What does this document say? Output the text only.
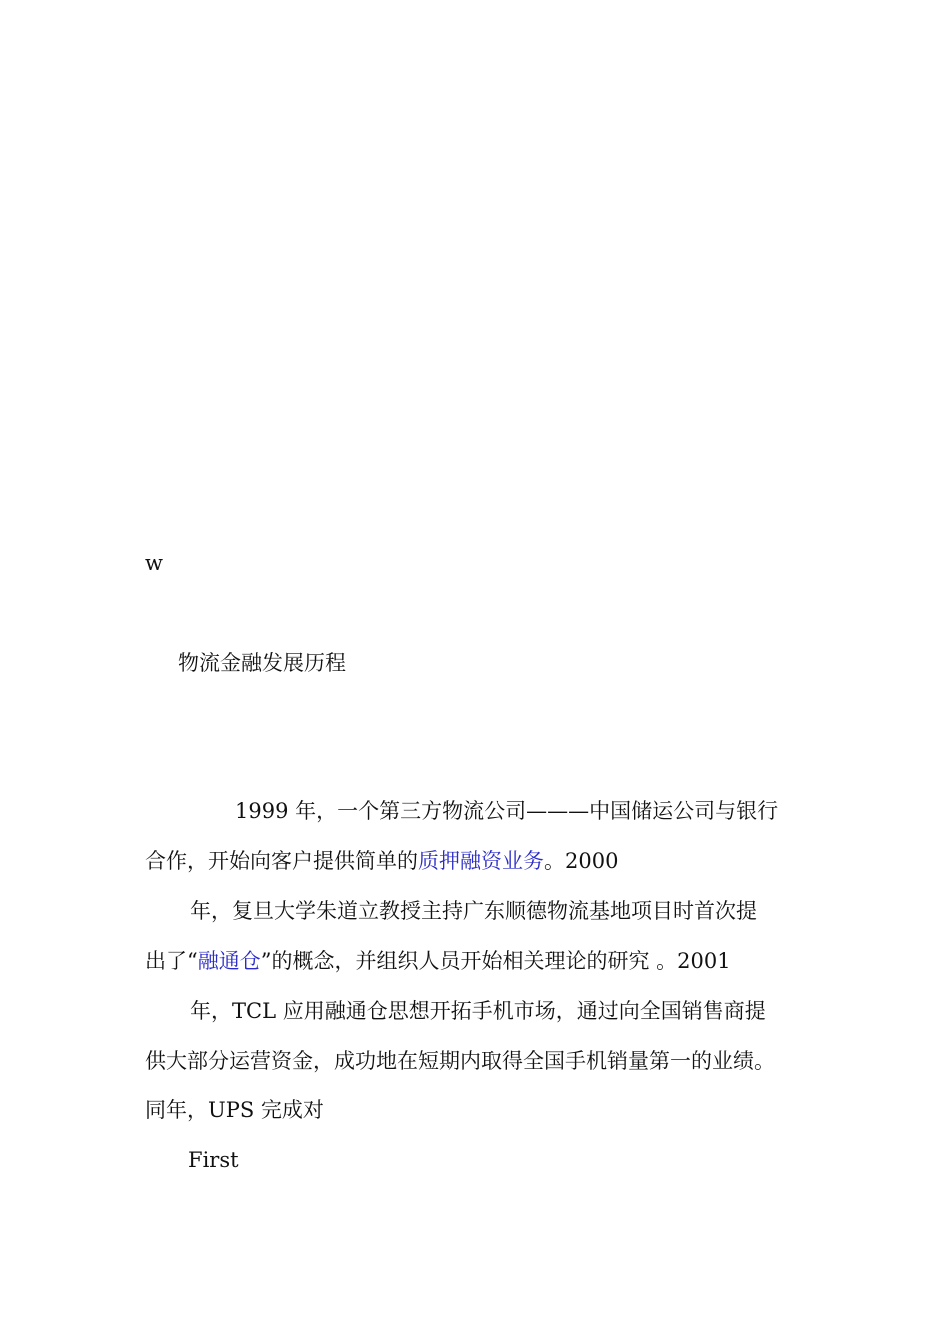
w
物流金融发展历程
1999 年，一个第三方物流公司———中国储运公司与银行
合作，开始向客户提供简单的质押融资业务。2000
年，复旦大学朱道立教授主持广东顺德物流基地项目时首次提
出了“融通仓”的概念，并组织人员开始相关理论的研究 。2001
年，TCL 应用融通仓思想开拓手机市场，通过向全国销售商提
供大部分运营资金，成功地在短期内取得全国手机销量第一的业绩。
同年，UPS 完成对
First
